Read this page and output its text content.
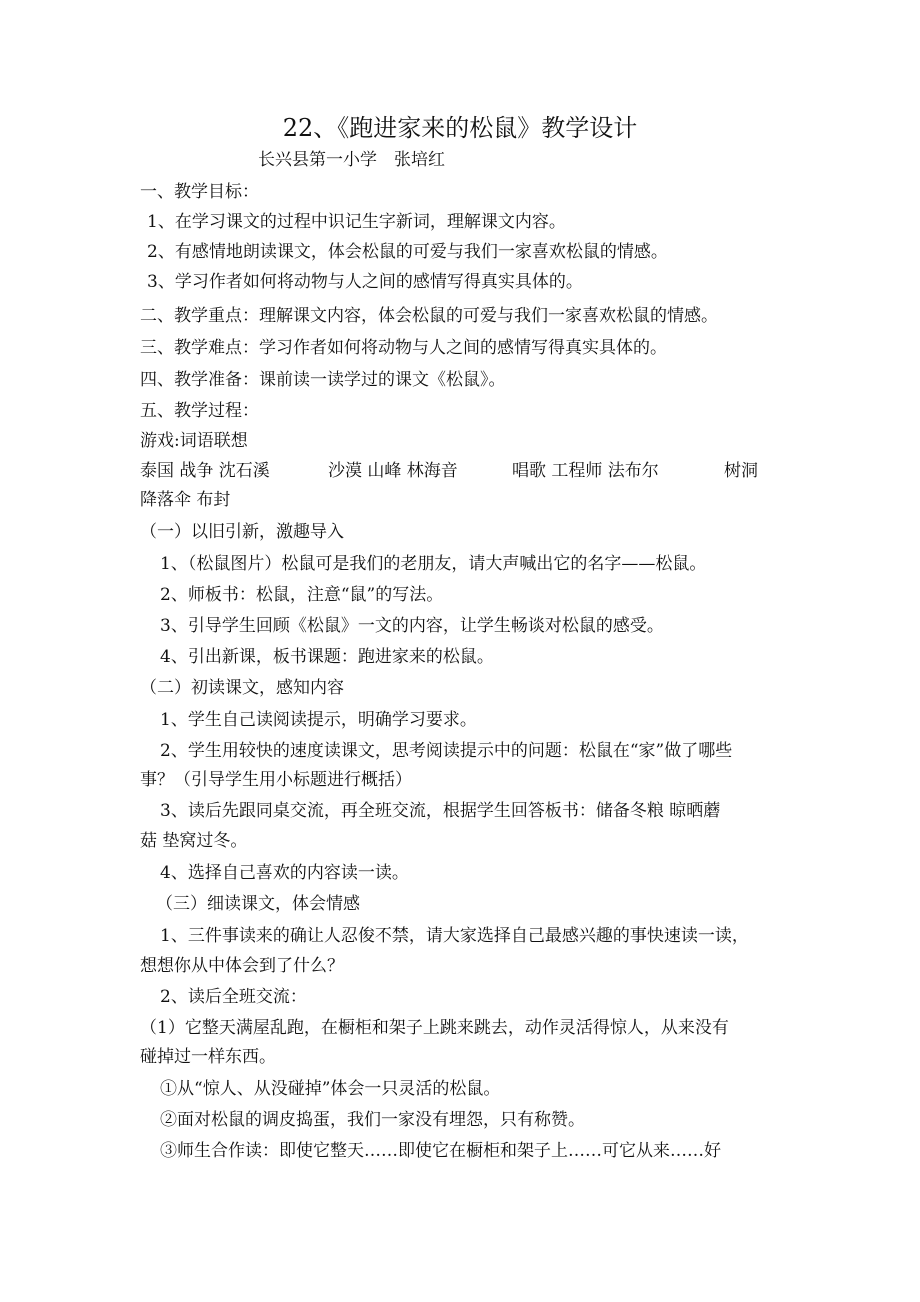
22、《跑进家来的松鼠》教学设计
长兴县第一小学　张培红
一、教学目标：
1、在学习课文的过程中识记生字新词，理解课文内容。
2、有感情地朗读课文，体会松鼠的可爱与我们一家喜欢松鼠的情感。
3、学习作者如何将动物与人之间的感情写得真实具体的。
二、教学重点：理解课文内容，体会松鼠的可爱与我们一家喜欢松鼠的情感。
三、教学难点：学习作者如何将动物与人之间的感情写得真实具体的。
四、教学准备：课前读一读学过的课文《松鼠》。
五、教学过程：
游戏:词语联想
泰国 战争 沈石溪	沙漠 山峰 林海音	唱歌 工程师 法布尔	树洞
降落伞 布封
（一）以旧引新，激趣导入
1、（松鼠图片）松鼠可是我们的老朋友，请大声喊出它的名字——松鼠。
2、师板书：松鼠，注意“鼠”的写法。
3、引导学生回顾《松鼠》一文的内容，让学生畅谈对松鼠的感受。
4、引出新课，板书课题：跑进家来的松鼠。
（二）初读课文，感知内容
1、学生自己读阅读提示，明确学习要求。
2、学生用较快的速度读课文，思考阅读提示中的问题：松鼠在“家”做了哪些
事？（引导学生用小标题进行概括）
3、读后先跟同桌交流，再全班交流，根据学生回答板书：储备冬粮 晾晒蘑
菇 垫窝过冬。
4、选择自己喜欢的内容读一读。
（三）细读课文，体会情感
1、三件事读来的确让人忍俊不禁，请大家选择自己最感兴趣的事快速读一读，
想想你从中体会到了什么？
2、读后全班交流：
（1）它整天满屋乱跑，在橱柜和架子上跳来跳去，动作灵活得惊人，从来没有
碰掉过一样东西。
①从“惊人、从没碰掉”体会一只灵活的松鼠。
②面对松鼠的调皮捣蛋，我们一家没有埋怨，只有称赞。
③师生合作读：即使它整天……即使它在橱柜和架子上……可它从来……好
